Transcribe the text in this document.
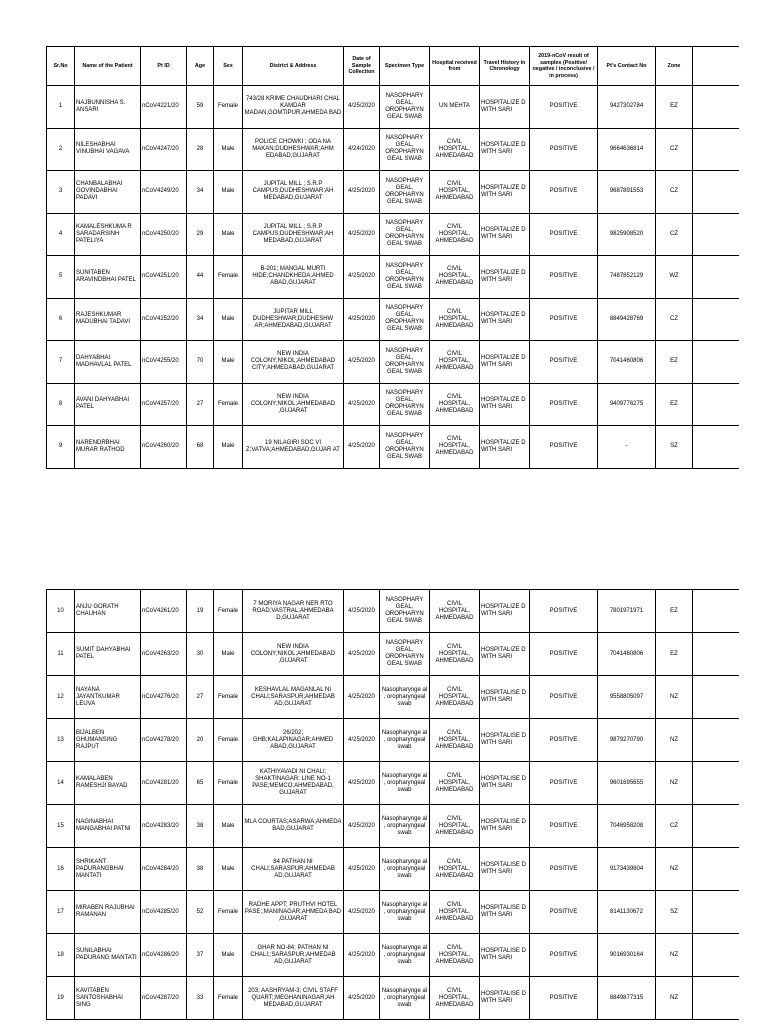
Sr.No	Name of the Patient	Pt ID	Age	Sex	District & Address	Date of Sample Collection	Specimen Type	Hospital received from	Travel History in Chronology	2019-nCoV result of samples (Positive/ negative / inconclusive / in process)	Pt's Contact No	Zone	
1	NAJBUNNISHA S. ANSARI	nCoV4221/20	59	Female	743/28 KRIME CHAUDHARI CHAL KAMDAR MADAN,GOMTIPUR,AHMEDA BAD	4/25/2020	NASOPHARY GEAL, OROPHARYN GEAL SWAB	UN MEHTA	HOSPITALIZE D WITH SARI	POSITIVE	9427302784	EZ	
2	NILESHABHAI VINUBHAI VAGAVA	nCoV4247/20	28	Male	POLICE CHOWKI ; ODA NA MAKAN;DUDHESHWAR;AHM EDABAD,GUJARAT	4/24/2020	NASOPHARY GEAL, OROPHARYN GEAL SWAB	CIVIL HOSPITAL, AHMEDABAD	HOSPITALIZE D WITH SARI	POSITIVE	9664636814	CZ	
3	CHANBALABHAI GOVINDABHAI PADAVI	nCoV4249/20	34	Male	JUPITAL MILL ; S.R.P CAMPUS;DUDHESHWAR;AH MEDABAD,GUJARAT	4/25/2020	NASOPHARY GEAL, OROPHARYN GEAL SWAB	CIVIL HOSPITAL, AHMEDABAD	HOSPITALIZE D WITH SARI	POSITIVE	9687891553	CZ	
4	KAMALESHKUMA R SARADARSINH PATELIYA	nCoV4250/20	29	Male	JUPITAL MILL ; S.R.P CAMPUS;DUDHESHWAR;AH MEDABAD,GUJARAT	4/25/2020	NASOPHARY GEAL, OROPHARYN GEAL SWAB	CIVIL HOSPITAL, AHMEDABAD	HOSPITALIZE D WITH SARI	POSITIVE	9825908520	CZ	
5	SUNITABEN ARAVINDBHAI PATEL	nCoV4251/20	44	Female	B-201; MANGAL MURTI HIDE;CHANDKHEDA;AHMED ABAD,GUJARAT	4/25/2020	NASOPHARY GEAL, OROPHARYN GEAL SWAB	CIVIL HOSPITAL, AHMEDABAD	HOSPITALIZE D WITH SARI	POSITIVE	7487852129	WZ	
6	RAJESHKUMAR MADUBHAI TADAVI	nCoV4252/20	34	Male	JUPITAR MILL DUDHESHWAR;DUDHESHW AR;AHMEDABAD,GUJARAT	4/25/2020	NASOPHARY GEAL, OROPHARYN GEAL SWAB	CIVIL HOSPITAL, AHMEDABAD	HOSPITALIZE D WITH SARI	POSITIVE	8849428769	CZ	
7	DAHYABHAI MADHAVLAL PATEL	nCoV4255/20	70	Male	NEW INDIA COLONY;NIKOL;AHMEDABAD CITY;AHMEDABAD,GUJARAT	4/25/2020	NASOPHARY GEAL, OROPHARYN GEAL SWAB	CIVIL HOSPITAL, AHMEDABAD	HOSPITALIZE D WITH SARI	POSITIVE	7041460806	EZ	
8	AVANI DAHYABHAI PATEL	nCoV4257/20	27	Female	NEW INDIA COLONY;NIKOL;AHMEDABAD ,GUJARAT	4/25/2020	NASOPHARY GEAL, OROPHARYN GEAL SWAB	CIVIL HOSPITAL, AHMEDABAD	HOSPITALIZE D WITH SARI	POSITIVE	9409776275	EZ	
9	NARENDRBHAI MURAR RATHOD	nCoV4260/20	68	Male	19 NILAGIRI SOC VI Z;VATVA;AHMEDABAD,GUJAR AT	4/25/2020	NASOPHARY GEAL, OROPHARYN GEAL SWAB	CIVIL HOSPITAL, AHMEDABAD	HOSPITALIZE D WITH SARI	POSITIVE	-	SZ	
10	ANJU GORATH CHAUHAN	nCoV4261/20	19	Female	7 MORIYA NAGAR NER RTO ROAD;VASTRAL;AHMEDABA D,GUJARAT	4/25/2020	NASOPHARY GEAL, OROPHARYN GEAL SWAB	CIVIL HOSPITAL, AHMEDABAD	HOSPITALIZE D WITH SARI	POSITIVE	7801971971	EZ	
11	SUMIT DAHYABHAI PATEL	nCoV4263/20	30	Male	NEW INDIA COLONY;NIKOL;AHMEDABAD ,GUJARAT	4/25/2020	NASOPHARY GEAL, OROPHARYN GEAL SWAB	CIVIL HOSPITAL, AHMEDABAD	HOSPITALIZE D WITH SARI	POSITIVE	7041460806	EZ	
12	NAYANA JAYANTKUMAR LEUVA	nCoV4276/20	27	Female	KESHAVLAL MAGANLAL NI CHALI;SARASPUR;AHMEDAB AD,GUJARAT	4/25/2020	Nasopharynge al , oropharyngeal swab	CIVIL HOSPITAL, AHMEDABAD	HOSPITALISE D WITH SARI	POSITIVE	9558805097	NZ	
13	BIJALBEN GHUMANSING RAJPUT	nCoV4278/20	20	Female	26/202; GHB;KALAPINAGAR;AHMED ABAD,GUJARAT	4/25/2020	Nasopharynge al , oropharyngeal swab	CIVIL HOSPITAL, AHMEDABAD	HOSPITALISE D WITH SARI	POSITIVE	9879270790	NZ	
14	KAMALABEN RAMESHJI BAYAD	nCoV4281/20	65	Female	KATHIYAVADI NI CHALI; SHAKTINAGAR; LINE NO-1 PASE;MEMCO;AHMEDABAD, GUJARAT	4/25/2020	Nasopharynge al , oropharyngeal swab	CIVIL HOSPITAL, AHMEDABAD	HOSPITALISE D WITH SARI	POSITIVE	9601695655	NZ	
15	NAGINABHAI MANGABHAI PATNI	nCoV4283/20	38	Male	MLA COURTAS;ASARWA;AHMEDA BAD,GUJARAT	4/25/2020	Nasopharynge al , oropharyngeal swab	CIVIL HOSPITAL, AHMEDABAD	HOSPITALISE D WITH SARI	POSITIVE	7046958208	CZ	
16	SHRIKANT PADURANGBHAI MANTATI	nCoV4284/20	38	Male	84 PATHAN NI CHALI;SARASPUR;AHMEDAB AD,GUJARAT	4/25/2020	Nasopharynge al , oropharyngeal swab	CIVIL HOSPITAL, AHMEDABAD	HOSPITALISE D WITH SARI	POSITIVE	9173439804	NZ	
17	MIRABEN RAJUBHAI RAMANAN	nCoV4285/20	52	Female	RADHE APPT; PRUTHVI HOTEL PASE;;MANINAGAR;AHMEDA BAD ,GUJARAT	4/25/2020	Nasopharynge al , oropharyngeal swab	CIVIL HOSPITAL, AHMEDABAD	HOSPITALISE D WITH SARI	POSITIVE	8141130672	SZ	
18	SUNILABHAI PADURANG MANTATI	nCoV4286/20	37	Male	GHAR NO-84; PATHAN NI CHALI;;SARASPUR;AHMEDAB AD,GUJARAT	4/25/2020	Nasopharynge al , oropharyngeal swab	CIVIL HOSPITAL, AHMEDABAD	HOSPITALISE D WITH SARI	POSITIVE	9016930164	NZ	
19	KAVITABEN SANTOSHABHAI SING	nCoV4287/20	33	Female	203; AASHRYAM-3; CIVIL STAFF QUART;;MEGHANINAGAR;AH MEDABAD,GUJARAT	4/25/2020	Nasopharynge al , oropharyngeal swab	CIVIL HOSPITAL, AHMEDABAD	HOSPITALISE D WITH SARI	POSITIVE	8849877315	NZ	
